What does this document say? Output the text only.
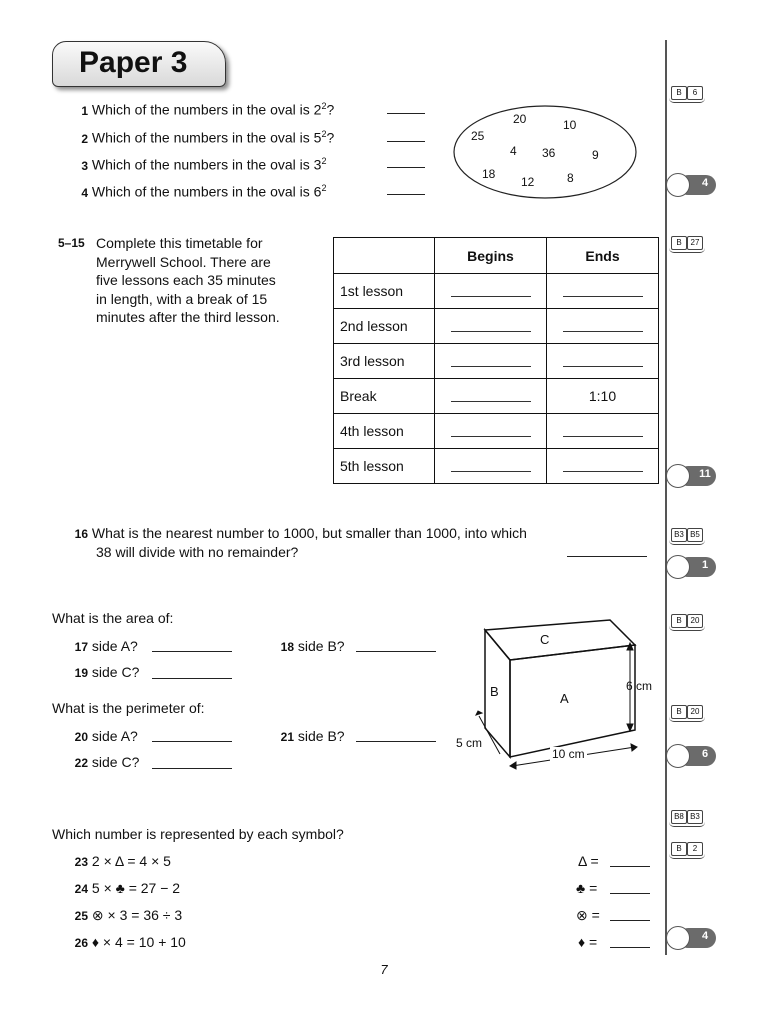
Paper 3
B	6
B	27
B3 B5
B	20
B	20
B8 B3
B	2
4
11
1
6
4
1 Which of the numbers in the oval is $2^2$?
2 Which of the numbers in the oval is $5^2$?
3 Which of the numbers in the oval is $3^2$
4 Which of the numbers in the oval is $6^2$
20	10
25
4 36	9
18
12	8
5–15 Complete this timetable for
Merrywell School. There are
five lessons each 35 minutes
in length, with a break of 15
minutes after the third lesson.
	Begins	Ends
1st lesson		
2nd lesson		
3rd lesson		
Break		1:10
4th lesson		
5th lesson		
16 What is the nearest number to 1000, but smaller than 1000, into which
38 will divide with no remainder?
What is the area of:
17 side A?	18 side B?
19 side C?
What is the perimeter of:
20 side A?	21 side B?
22 side C?
C
B	A
6 cm
5 cm
10 cm
Which number is represented by each symbol?
23 2 × Δ = 4 × 5	Δ =
24 5 × ♣ = 27 − 2	♣ =
25 ⊗ × 3 = 36 ÷ 3	⊗ =
26 ♦ × 4 = 10 + 10	♦ =
7
